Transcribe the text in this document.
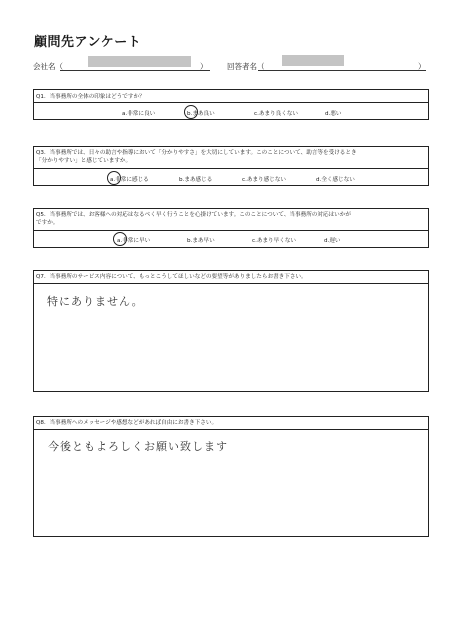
顧問先アンケート
会社名（	）	回答者名（	）
Q1．当事務所の全体の印象はどうですか？
a.非常に良い	b.まあ良い	c.あまり良くない	d.悪い
Q3．当事務所では、日々の助言や指導において「分かりやすさ」を大切にしています。このことについて、助言等を受けるとき
「分かりやすい」と感じていますか。
a.非常に感じる	b.まあ感じる	c.あまり感じない	d.全く感じない
Q5．当事務所では、お客様への対応はなるべく早く行うことを心掛けています。このことについて、当事務所の対応はいかが
ですか。
a.非常に早い	b.まあ早い	c.あまり早くない	d.遅い
Q7．当事務所のサービス内容について、もっとこうしてほしいなどの要望等がありましたらお書き下さい。
特にありません。
Q8．当事務所へのメッセージや感想などがあれば自由にお書き下さい。
今後ともよろしくお願い致します
